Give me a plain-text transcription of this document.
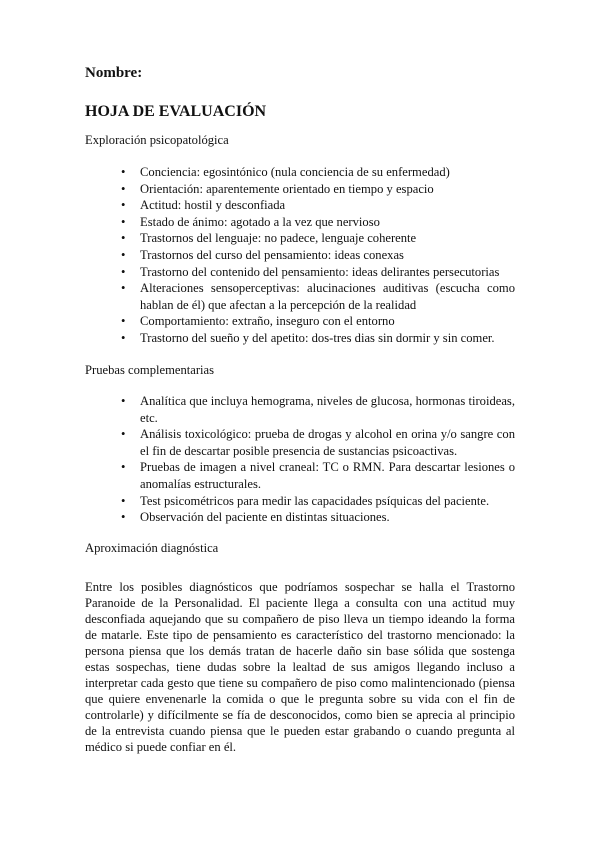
Nombre:
HOJA DE EVALUACIÓN
Exploración psicopatológica
• Conciencia: egosintónico (nula conciencia de su enfermedad)
• Orientación: aparentemente orientado en tiempo y espacio
• Actitud: hostil y desconfiada
• Estado de ánimo: agotado a la vez que nervioso
• Trastornos del lenguaje: no padece, lenguaje coherente
• Trastornos del curso del pensamiento: ideas conexas
• Trastorno del contenido del pensamiento: ideas delirantes persecutorias
• Alteraciones sensoperceptivas: alucinaciones auditivas (escucha como hablan de él) que afectan a la percepción de la realidad
• Comportamiento: extraño, inseguro con el entorno
• Trastorno del sueño y del apetito: dos-tres dias sin dormir y sin comer.
Pruebas complementarias
• Analítica que incluya hemograma, niveles de glucosa, hormonas tiroideas, etc.
• Análisis toxicológico: prueba de drogas y alcohol en orina y/o sangre con el fin de descartar posible presencia de sustancias psicoactivas.
• Pruebas de imagen a nivel craneal: TC o RMN. Para descartar lesiones o anomalías estructurales.
• Test psicométricos para medir las capacidades psíquicas del paciente.
• Observación del paciente en distintas situaciones.
Aproximación diagnóstica
Entre los posibles diagnósticos que podríamos sospechar se halla el Trastorno Paranoide de la Personalidad. El paciente llega a consulta con una actitud muy desconfiada aquejando que su compañero de piso lleva un tiempo ideando la forma de matarle. Este tipo de pensamiento es característico del trastorno mencionado: la persona piensa que los demás tratan de hacerle daño sin base sólida que sostenga estas sospechas, tiene dudas sobre la lealtad de sus amigos llegando incluso a interpretar cada gesto que tiene su compañero de piso como malintencionado (piensa que quiere envenenarle la comida o que le pregunta sobre su vida con el fin de controlarle) y difícilmente se fía de desconocidos, como bien se aprecia al principio de la entrevista cuando piensa que le pueden estar grabando o cuando pregunta al médico si puede confiar en él.
